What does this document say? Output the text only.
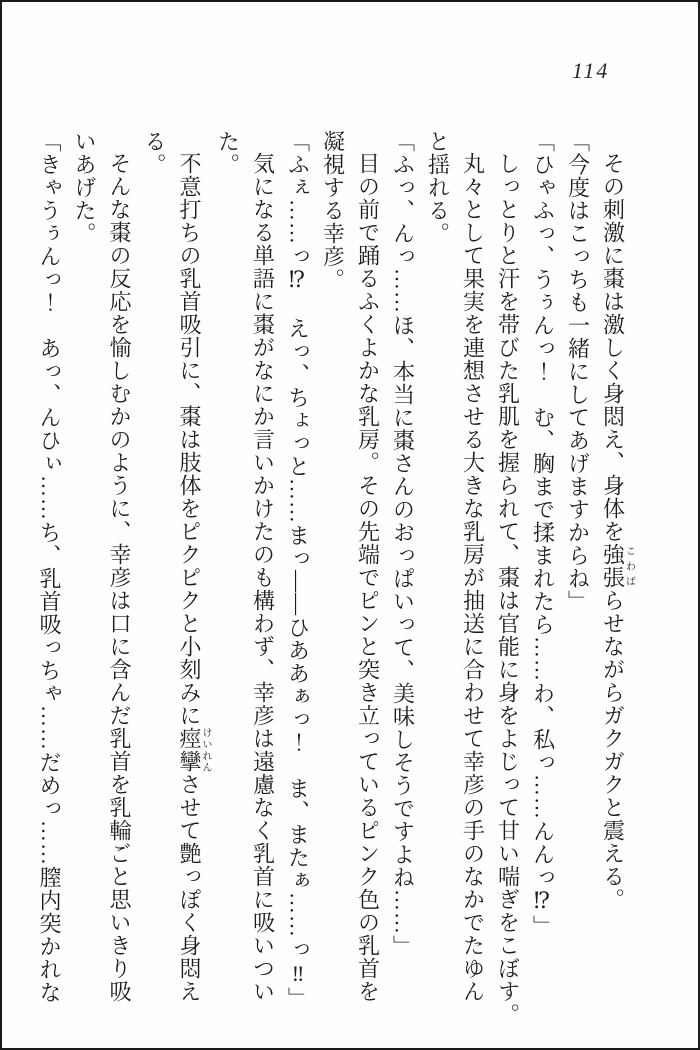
114

その刺激に棗は激しく身悶え、身体を強張こわばらせながらガクガクと震える。

「今度はこっちも一緒にしてあげますからね」

「ひゃふっ、うぅんっ！　む、胸まで揉まれたら……わ、私っ……んんっ⁉」

しっとりと汗を帯びた乳肌を握られて、棗は官能に身をよじって甘い喘ぎをこぼす。

丸々として果実を連想させる大きな乳房が抽送に合わせて幸彦の手のなかでたゆん

と揺れる。

「ふっ、んっ……ほ、本当に棗さんのおっぱいって、美味しそうですよね……」

目の前で踊るふくよかな乳房。その先端でピンと突き立っているピンク色の乳首を

凝視する幸彦。

「ふぇ……っ⁉　えっ、ちょっと……まっ――ひああぁっ！　ま、またぁ……っ‼」

気になる単語に棗がなにか言いかけたのも構わず、幸彦は遠慮なく乳首に吸いつい

た。

不意打ちの乳首吸引に、棗は肢体をピクピクと小刻みに痙攣けいれんさせて艶っぽく身悶え

る。

そんな棗の反応を愉しむかのように、幸彦は口に含んだ乳首を乳輪ごと思いきり吸

いあげた。

「きゃうぅんっ！　あっ、んひぃ……ち、乳首吸っちゃ……だめっ……膣内突かれな
